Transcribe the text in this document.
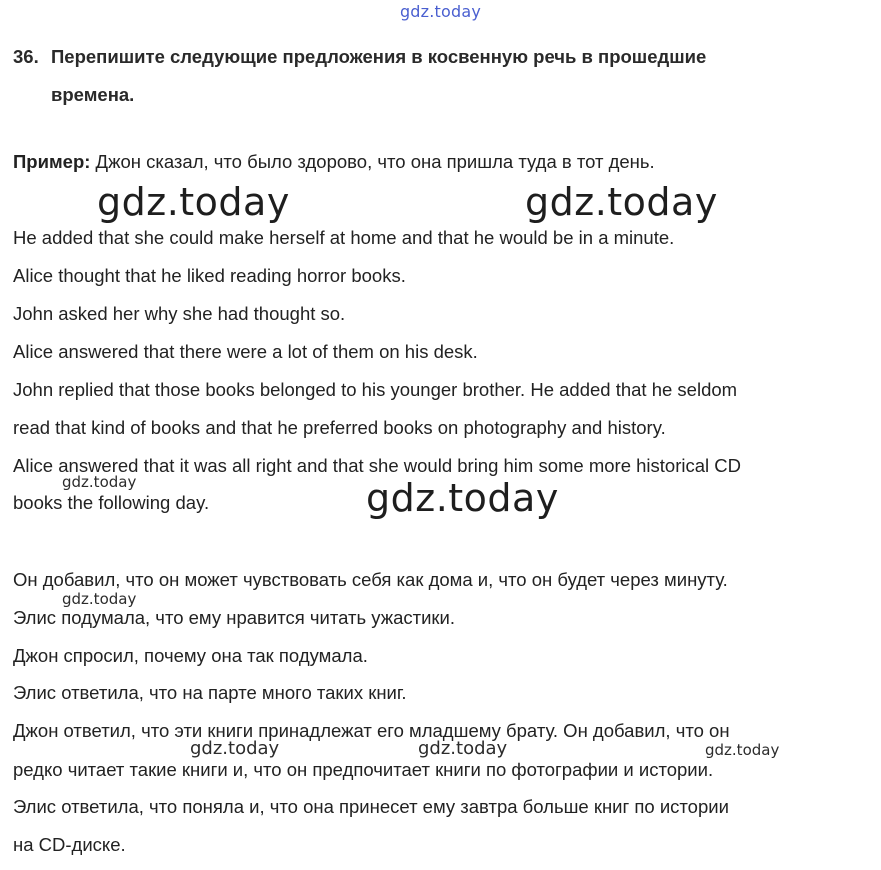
gdz.today
36. Перепишите следующие предложения в косвенную речь в прошедшие
времена.
Пример: Джон сказал, что было здорово, что она пришла туда в тот день.
gdz.today	gdz.today
He added that she could make herself at home and that he would be in a minute.
Alice thought that he liked reading horror books.
John asked her why she had thought so.
Alice answered that there were a lot of them on his desk.
John replied that those books belonged to his younger brother. He added that he seldom
read that kind of books and that he preferred books on photography and history.
Alice answered that it was all right and that she would bring him some more historical CD
books the following day.
gdz.today	gdz.today
Он добавил, что он может чувствовать себя как дома и, что он будет через минуту.
gdz.today
Элис подумала, что ему нравится читать ужастики.
Джон спросил, почему она так подумала.
Элис ответила, что на парте много таких книг.
Джон ответил, что эти книги принадлежат его младшему брату. Он добавил, что он
gdz.today	gdz.today	gdz.today
редко читает такие книги и, что он предпочитает книги по фотографии и истории.
Элис ответила, что поняла и, что она принесет ему завтра больше книг по истории
на CD-диске.
